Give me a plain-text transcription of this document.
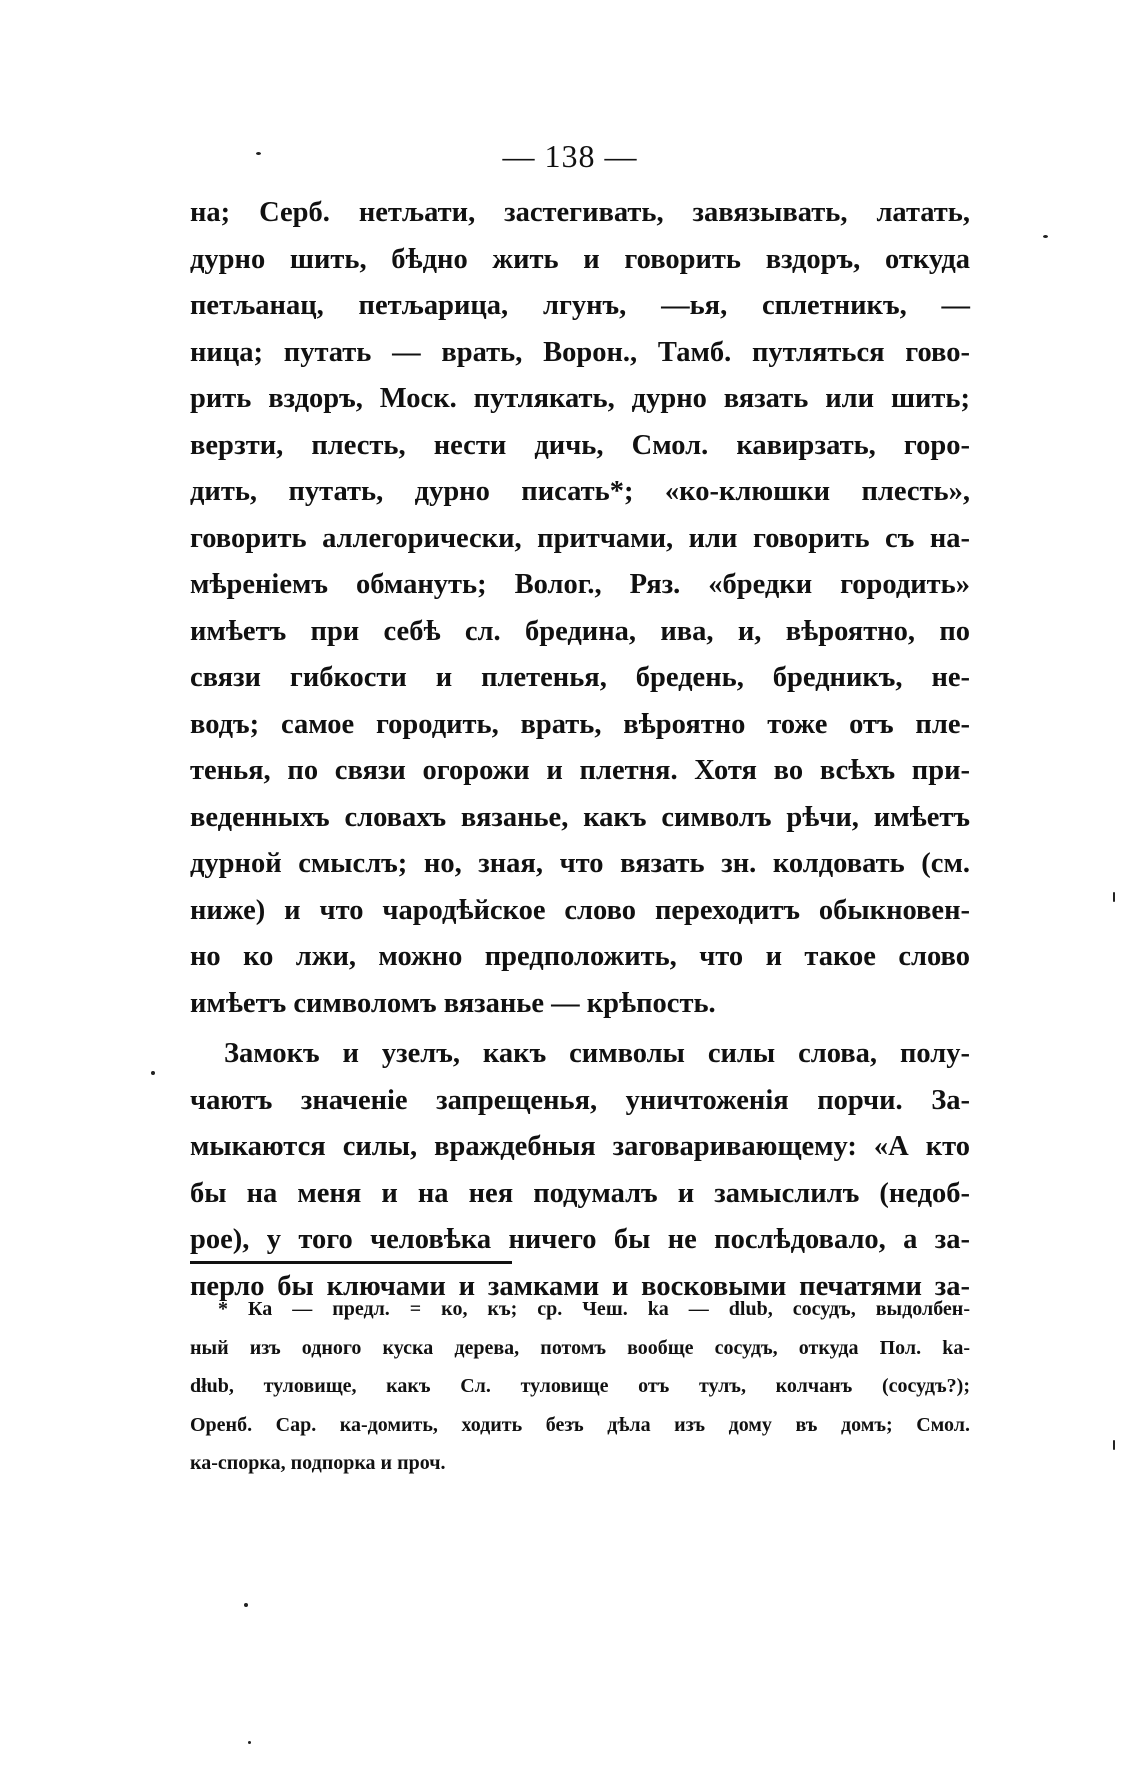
— 138 —
на; Серб. нетљати, застегивать, завязывать, латать,
дурно шить, бѣдно жить и говорить вздоръ, откуда
петљанац, петљарица, лгунъ, —ья, сплетникъ, —
ница; путать — врать, Ворон., Тамб. путляться гово-
рить вздоръ, Моск. путлякать, дурно вязать или шить;
верзти, плесть, нести дичь, Смол. кавирзать, горо-
дить, путать, дурно писать*; «ко-клюшки плесть»,
говорить аллегорически, притчами, или говорить съ на-
мѣреніемъ обмануть; Волог., Ряз. «бредки городить»
имѣетъ при себѣ сл. бредина, ива, и, вѣроятно, по
связи гибкости и плетенья, бредень, бредникъ, не-
водъ; самое городить, врать, вѣроятно тоже отъ пле-
тенья, по связи огорожи и плетня. Хотя во всѣхъ при-
веденныхъ словахъ вязанье, какъ символъ рѣчи, имѣетъ
дурной смыслъ; но, зная, что вязать зн. колдовать (см.
ниже) и что чародѣйское слово переходитъ обыкновен-
но ко лжи, можно предположить, что и такое слово
имѣетъ символомъ вязанье — крѣпость.
Замокъ и узелъ, какъ символы силы слова, полу-
чаютъ значеніе запрещенья, уничтоженія порчи. За-
мыкаются силы, враждебныя заговаривающему: «А кто
бы на меня и на нея подумалъ и замыслилъ (недоб-
рое), у того человѣка ничего бы не послѣдовало, а за-
перло бы ключами и замками и восковыми печатями за-
* Ка — предл. = ко, къ; ср. Чеш. ka — dlub, сосудъ, выдолбен-
ный изъ одного куска дерева, потомъ вообще сосудъ, откуда Пол. ka-
dłub, туловище, какъ Сл. туловище отъ тулъ, колчанъ (сосудъ?);
Оренб. Сар. ка-домить, ходить безъ дѣла изъ дому въ домъ; Смол.
ка-спорка, подпорка и проч.
